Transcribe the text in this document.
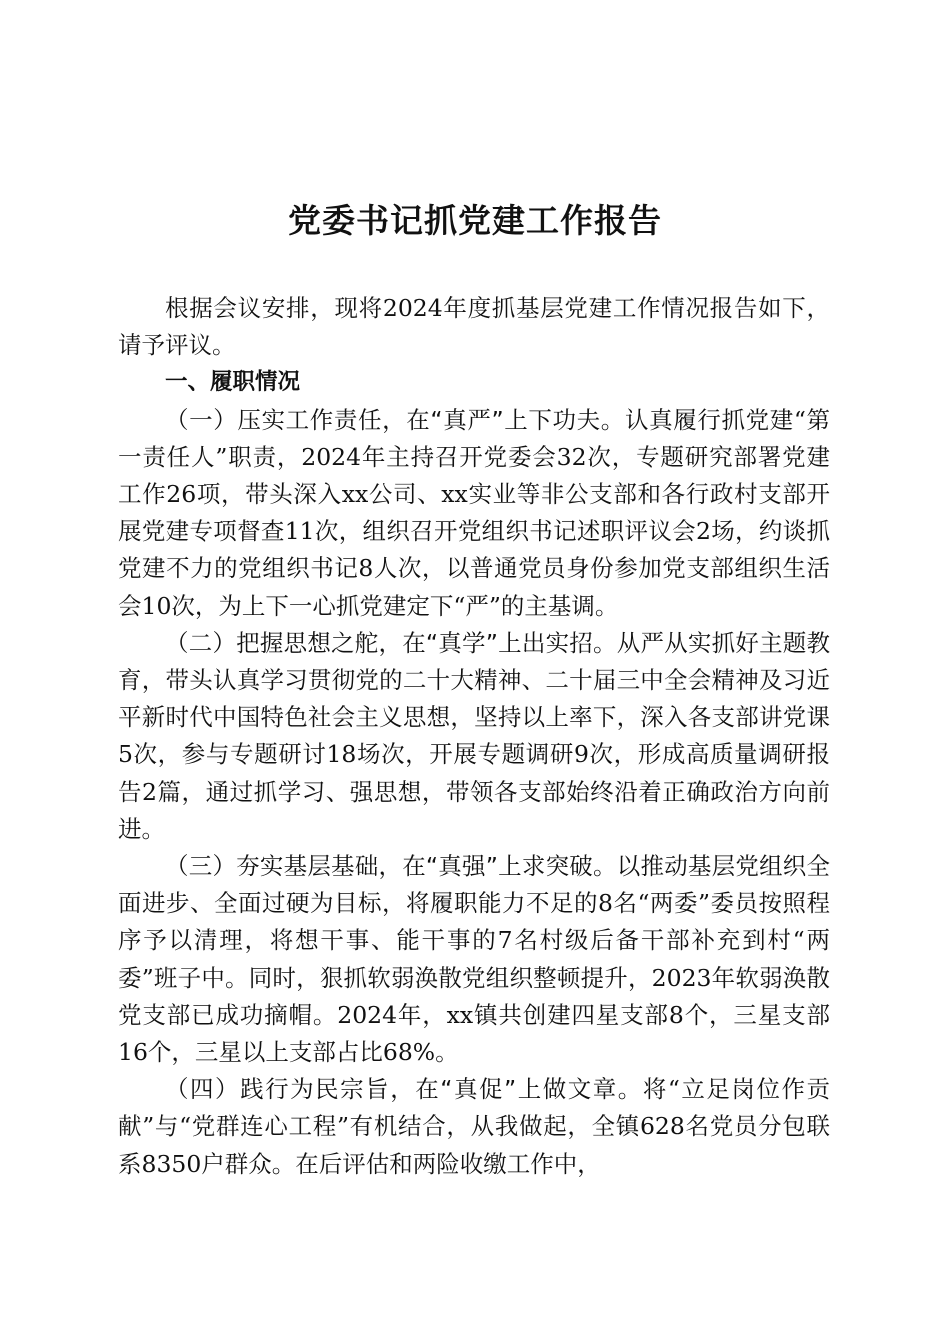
党委书记抓党建工作报告

根据会议安排，现将2024年度抓基层党建工作情况报告如下，请予评议。

一、履职情况

（一）压实工作责任，在“真严”上下功夫。认真履行抓党建“第一责任人”职责，2024年主持召开党委会32次，专题研究部署党建工作26项，带头深入xx公司、xx实业等非公支部和各行政村支部开展党建专项督查11次，组织召开党组织书记述职评议会2场，约谈抓党建不力的党组织书记8人次，以普通党员身份参加党支部组织生活会10次，为上下一心抓党建定下“严”的主基调。

（二）把握思想之舵，在“真学”上出实招。从严从实抓好主题教育，带头认真学习贯彻党的二十大精神、二十届三中全会精神及习近平新时代中国特色社会主义思想，坚持以上率下，深入各支部讲党课5次，参与专题研讨18场次，开展专题调研9次，形成高质量调研报告2篇，通过抓学习、强思想，带领各支部始终沿着正确政治方向前进。

（三）夯实基层基础，在“真强”上求突破。以推动基层党组织全面进步、全面过硬为目标，将履职能力不足的8名“两委”委员按照程序予以清理，将想干事、能干事的7名村级后备干部补充到村“两委”班子中。同时，狠抓软弱涣散党组织整顿提升，2023年软弱涣散党支部已成功摘帽。2024年，xx镇共创建四星支部8个，三星支部16个，三星以上支部占比68%。

（四）践行为民宗旨，在“真促”上做文章。将“立足岗位作贡献”与“党群连心工程”有机结合，从我做起，全镇628名党员分包联系8350户群众。在后评估和两险收缴工作中，
